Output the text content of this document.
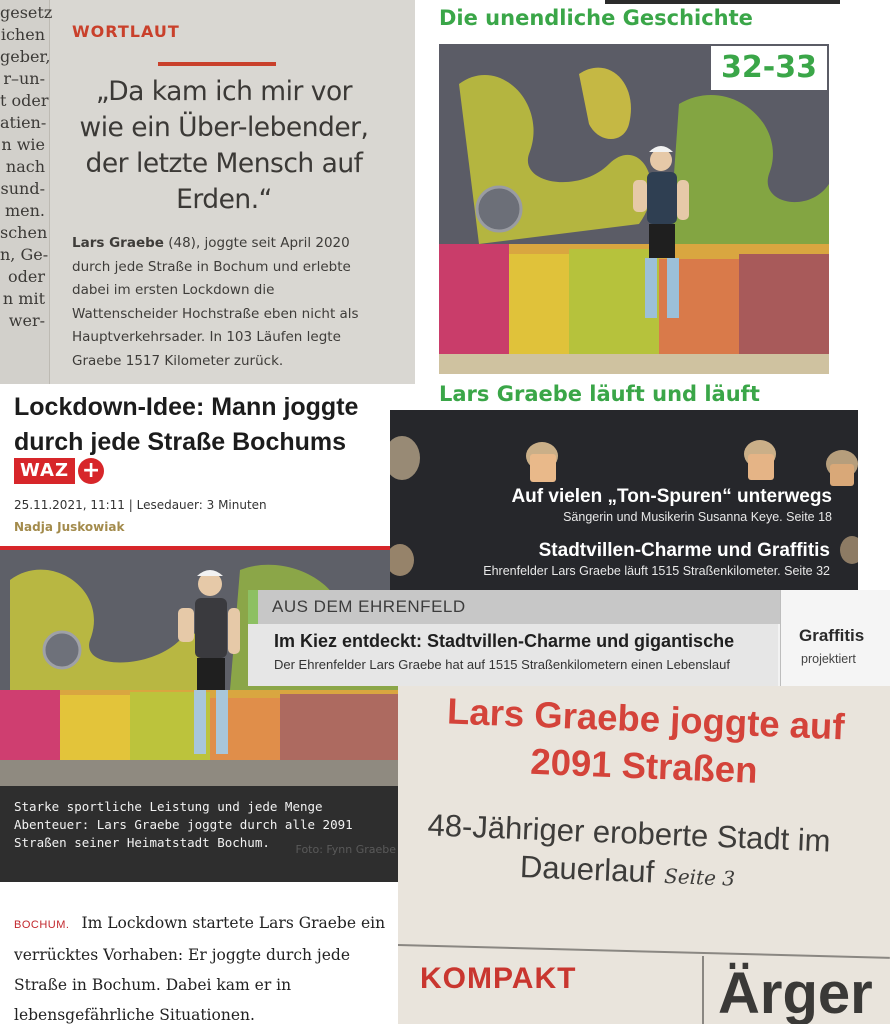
gesetz
ichen
geber,
r–un-
t oder
atien-
n wie
nach
sund-
men.
schen
n, Ge-
oder
n mit
wer-
WORTLAUT
„Da kam ich mir vor wie ein Über-lebender, der letzte Mensch auf Erden.“
Lars Graebe (48), joggte seit April 2020 durch jede Straße in Bochum und erlebte dabei im ersten Lockdown die Wattenscheider Hochstraße eben nicht als Hauptverkehrsader. In 103 Läufen legte Graebe 1517 Kilometer zurück.
Die unendliche Geschichte
32-33
Lars Graebe läuft und läuft
Lockdown-Idee: Mann joggte durch jede Straße Bochums
WAZ +
25.11.2021, 11:11 | Lesedauer: 3 Minuten
Nadja Juskowiak
Starke sportliche Leistung und jede Menge Abenteuer: Lars Graebe joggte durch alle 2091 Straßen seiner Heimatstadt Bochum.	Foto: Fynn Graebe
BOCHUM. Im Lockdown startete Lars Graebe ein verrücktes Vorhaben: Er joggte durch jede Straße in Bochum. Dabei kam er in lebensgefährliche Situationen.
Auf vielen „Ton-Spuren“ unterwegs
Sängerin und Musikerin Susanna Keye. Seite 18
Stadtvillen-Charme und Graffitis
Ehrenfelder Lars Graebe läuft 1515 Straßenkilometer. Seite 32
AUS DEM EHRENFELD
Im Kiez entdeckt: Stadtvillen-Charme und gigantische
Der Ehrenfelder Lars Graebe hat auf 1515 Straßenkilometern einen Lebenslauf
Graffitis
projektiert
Lars Graebe joggte auf 2091 Straßen
48-Jähriger eroberte Stadt im Dauerlauf Seite 3
KOMPAKT Ärger
